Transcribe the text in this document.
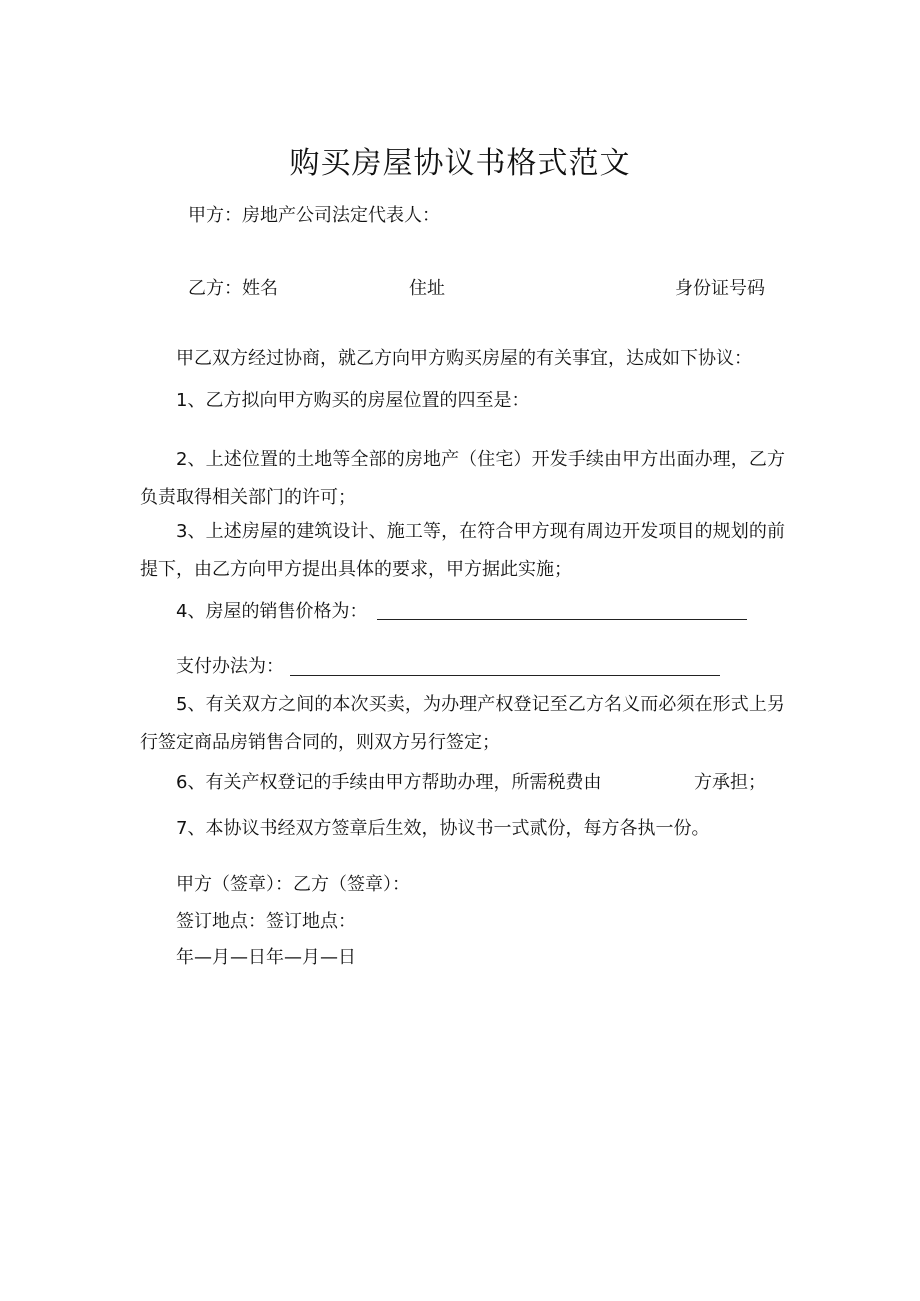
购买房屋协议书格式范文
甲方：房地产公司法定代表人：
乙方：姓名	住址	身份证号码
甲乙双方经过协商，就乙方向甲方购买房屋的有关事宜，达成如下协议：
1、乙方拟向甲方购买的房屋位置的四至是：
2、上述位置的土地等全部的房地产（住宅）开发手续由甲方出面办理，乙方负责取得相关部门的许可；
3、上述房屋的建筑设计、施工等，在符合甲方现有周边开发项目的规划的前提下，由乙方向甲方提出具体的要求，甲方据此实施；
4、房屋的销售价格为：
支付办法为：
5、有关双方之间的本次买卖，为办理产权登记至乙方名义而必须在形式上另行签定商品房销售合同的，则双方另行签定；
6、有关产权登记的手续由甲方帮助办理，所需税费由	方承担；
7、本协议书经双方签章后生效，协议书一式贰份，每方各执一份。
甲方（签章）：乙方（签章）：
签订地点：签订地点：
年—月—日年—月—日
